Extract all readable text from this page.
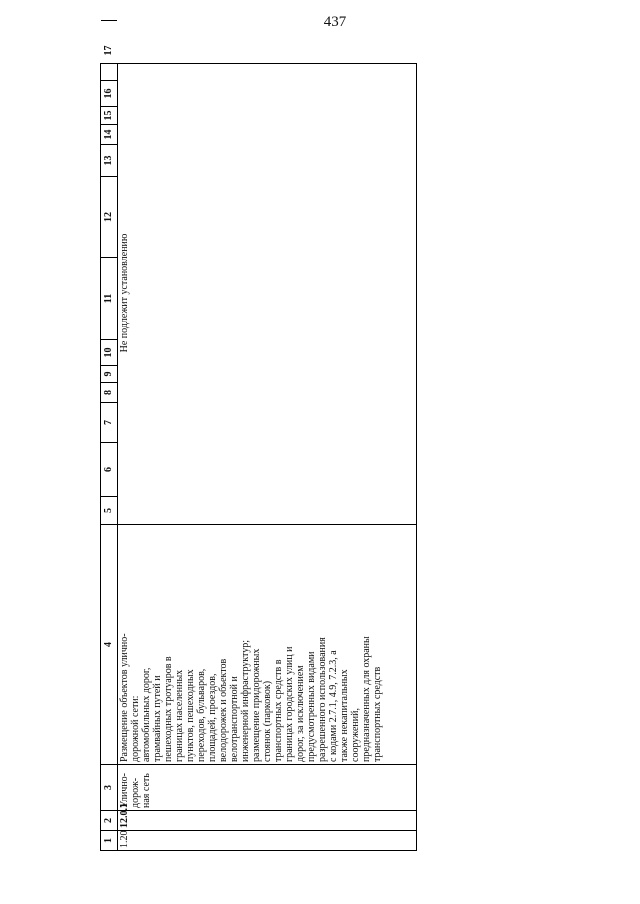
437
1
2
3
4
5
6
7
8
9
10
11
12
13
14
15
16
17
1.20
12.0.1
Улично-
дорож-
ная сеть
Размещение объектов улично-
дорожной сети:
автомобильных дорог,
трамвайных путей и
пешеходных тротуаров в
границах населенных
пунктов, пешеходных
переходов, бульваров,
площадей, проездов,
велодорожек и объектов
велотранспортной и
инженерной инфраструктур;
размещение придорожных
стоянок (парковок)
транспортных средств в
границах городских улиц и
дорог, за исключением
предусмотренных видами
разрешенного использования
с кодами 2.7.1, 4.9, 7.2.3, а
также некапитальных
сооружений,
предназначенных для охраны
транспортных средств
Не подлежит установлению
